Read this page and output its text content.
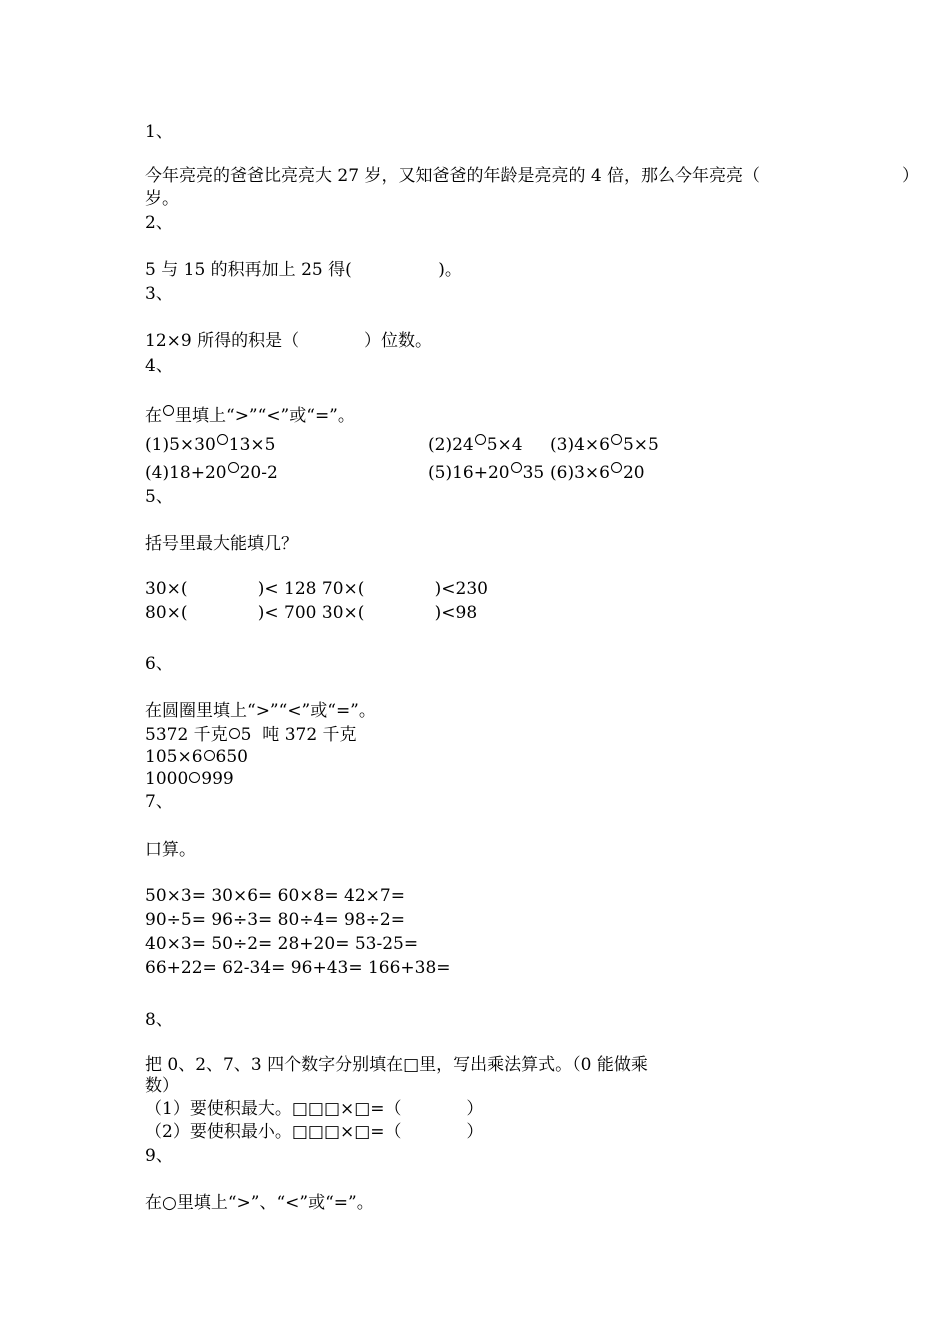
1、
今年亮亮的爸爸比亮亮大 27 岁，又知爸爸的年龄是亮亮的 4 倍，那么今年亮亮（	）
岁。
2、
5 与 15 的积再加上 25 得(                )。
3、
12×9 所得的积是（            ）位数。
4、
在 里填上“>”“<”或“=”。
(1)5×30 13×5	(2)24 5×4 (3)4×6 5×5
(4)18+20 20-2	(5)16+20 35 (6)3×6 20
5、
括号里最大能填几？
30×(             )< 128 70×(             )<230
80×(             )< 700 30×(             )<98
6、
在圆圈里填上“>”“<”或“=”。
5372 千克 5  吨 372 千克
105×6 650
1000 999
7、
口算。
50×3= 30×6= 60×8= 42×7=
90÷5= 96÷3= 80÷4= 98÷2=
40×3= 50÷2= 28+20= 53-25=
66+22= 62-34= 96+43= 166+38=
8、
把 0、2、7、3 四个数字分别填在□里，写出乘法算式。（0 能做乘
数）
（1）要使积最大。□□□×□=（            ）
（2）要使积最小。□□□×□=（            ）
9、
在○里填上“>”、“<”或“=”。
